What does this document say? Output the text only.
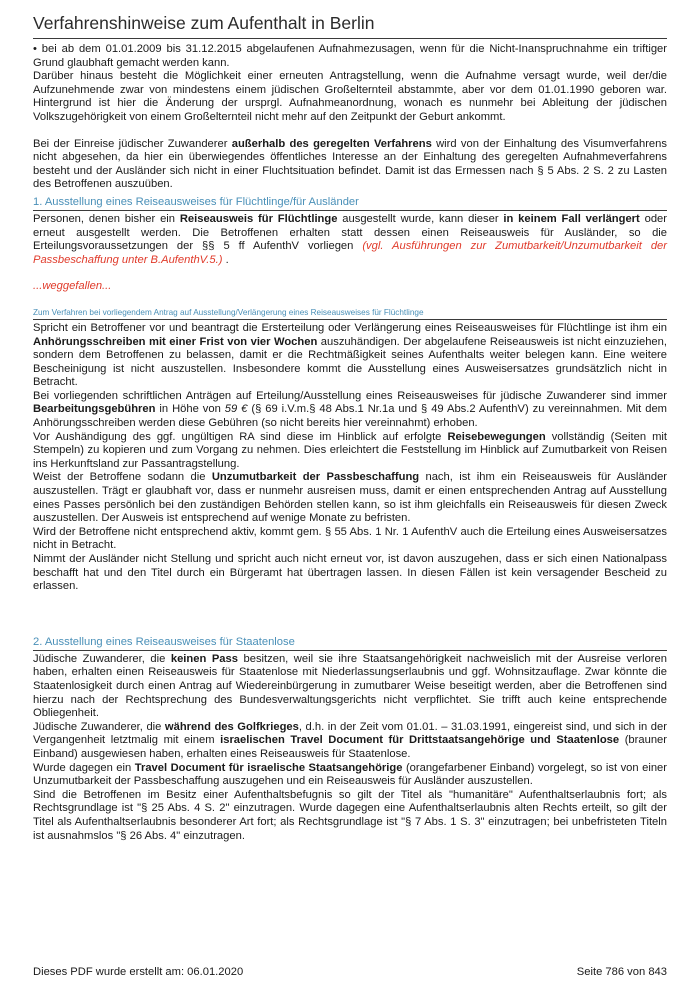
Verfahrenshinweise zum Aufenthalt in Berlin

• bei ab dem 01.01.2009 bis 31.12.2015 abgelaufenen Aufnahmezusagen, wenn für die Nicht-Inanspruchnahme ein triftiger Grund glaubhaft gemacht werden kann.

Darüber hinaus besteht die Möglichkeit einer erneuten Antragstellung, wenn die Aufnahme versagt wurde, weil der/die Aufzunehmende zwar von mindestens einem jüdischen Großelternteil abstammte, aber vor dem 01.01.1990 geboren war. Hintergrund ist hier die Änderung der ursprgl. Aufnahmeanordnung, wonach es nunmehr bei Ableitung der jüdischen Volkszugehörigkeit von einem Großelternteil nicht mehr auf den Zeitpunkt der Geburt ankommt.

Bei der Einreise jüdischer Zuwanderer außerhalb des geregelten Verfahrens wird von der Einhaltung des Visumverfahrens nicht abgesehen, da hier ein überwiegendes öffentliches Interesse an der Einhaltung des geregelten Aufnahmeverfahrens besteht und der Ausländer sich nicht in einer Fluchtsituation befindet. Damit ist das Ermessen nach § 5 Abs. 2 S. 2 zu Lasten des Betroffenen auszuüben.

1. Ausstellung eines Reiseausweises für Flüchtlinge/für Ausländer

Personen, denen bisher ein Reiseausweis für Flüchtlinge ausgestellt wurde, kann dieser in keinem Fall verlängert oder erneut ausgestellt werden. Die Betroffenen erhalten statt dessen einen Reiseausweis für Ausländer, so die Erteilungsvoraussetzungen der §§ 5 ff AufenthV vorliegen (vgl. Ausführungen zur Zumutbarkeit/Unzumutbarkeit der Passbeschaffung unter B.AufenthV.5.) .

...weggefallen...

Zum Verfahren bei vorliegendem Antrag auf Ausstellung/Verlängerung eines Reiseausweises für Flüchtlinge

Spricht ein Betroffener vor und beantragt die Ersterteilung oder Verlängerung eines Reiseausweises für Flüchtlinge ist ihm ein Anhörungsschreiben mit einer Frist von vier Wochen auszuhändigen. Der abgelaufene Reiseausweis ist nicht einzuziehen, sondern dem Betroffenen zu belassen, damit er die Rechtmäßigkeit seines Aufenthalts weiter belegen kann. Eine weitere Bescheinigung ist nicht auszustellen. Insbesondere kommt die Ausstellung eines Ausweisersatzes grundsätzlich nicht in Betracht.

Bei vorliegenden schriftlichen Anträgen auf Erteilung/Ausstellung eines Reiseausweises für jüdische Zuwanderer sind immer Bearbeitungsgebühren in Höhe von 59 € (§ 69 i.V.m.§ 48 Abs.1 Nr.1a und § 49 Abs.2 AufenthV) zu vereinnahmen. Mit dem Anhörungsschreiben werden diese Gebühren (so nicht bereits hier vereinnahmt) erhoben.

Vor Aushändigung des ggf. ungültigen RA sind diese im Hinblick auf erfolgte Reisebewegungen vollständig (Seiten mit Stempeln) zu kopieren und zum Vorgang zu nehmen. Dies erleichtert die Feststellung im Hinblick auf Zumutbarkeit von Reisen ins Herkunftsland zur Passantragstellung.

Weist der Betroffene sodann die Unzumutbarkeit der Passbeschaffung nach, ist ihm ein Reiseausweis für Ausländer auszustellen. Trägt er glaubhaft vor, dass er nunmehr ausreisen muss, damit er einen entsprechenden Antrag auf Ausstellung eines Passes persönlich bei den zuständigen Behörden stellen kann, so ist ihm gleichfalls ein Reiseausweis für diesen Zweck auszustellen. Der Ausweis ist entsprechend auf wenige Monate zu befristen.

Wird der Betroffene nicht entsprechend aktiv, kommt gem. § 55 Abs. 1 Nr. 1 AufenthV auch die Erteilung eines Ausweisersatzes nicht in Betracht.

Nimmt der Ausländer nicht Stellung und spricht auch nicht erneut vor, ist davon auszugehen, dass er sich einen Nationalpass beschafft hat und den Titel durch ein Bürgeramt hat übertragen lassen. In diesen Fällen ist kein versagender Bescheid zu erlassen.

2. Ausstellung eines Reiseausweises für Staatenlose

Jüdische Zuwanderer, die keinen Pass besitzen, weil sie ihre Staatsangehörigkeit nachweislich mit der Ausreise verloren haben, erhalten einen Reiseausweis für Staatenlose mit Niederlassungserlaubnis und ggf. Wohnsitzauflage. Zwar könnte die Staatenlosigkeit durch einen Antrag auf Wiedereinbürgerung in zumutbarer Weise beseitigt werden, aber die Betroffenen sind hierzu nach der Rechtsprechung des Bundesverwaltungsgerichts nicht verpflichtet. Sie trifft auch keine entsprechende Obliegenheit.

Jüdische Zuwanderer, die während des Golfkrieges, d.h. in der Zeit vom 01.01. – 31.03.1991, eingereist sind, und sich in der Vergangenheit letztmalig mit einem israelischen Travel Document für Drittstaatsangehörige und Staatenlose (brauner Einband) ausgewiesen haben, erhalten eines Reiseausweis für Staatenlose.

Wurde dagegen ein Travel Document für israelische Staatsangehörige (orangefarbener Einband) vorgelegt, so ist von einer Unzumutbarkeit der Passbeschaffung auszugehen und ein Reiseausweis für Ausländer auszustellen.

Sind die Betroffenen im Besitz einer Aufenthaltsbefugnis so gilt der Titel als "humanitäre" Aufenthaltserlaubnis fort; als Rechtsgrundlage ist "§ 25 Abs. 4 S. 2" einzutragen. Wurde dagegen eine Aufenthaltserlaubnis alten Rechts erteilt, so gilt der Titel als Aufenthaltserlaubnis besonderer Art fort; als Rechtsgrundlage ist "§ 7 Abs. 1 S. 3" einzutragen; bei unbefristeten Titeln ist ausnahmslos "§ 26 Abs. 4" einzutragen.

Dieses PDF wurde erstellt am: 06.01.2020	Seite 786 von 843
